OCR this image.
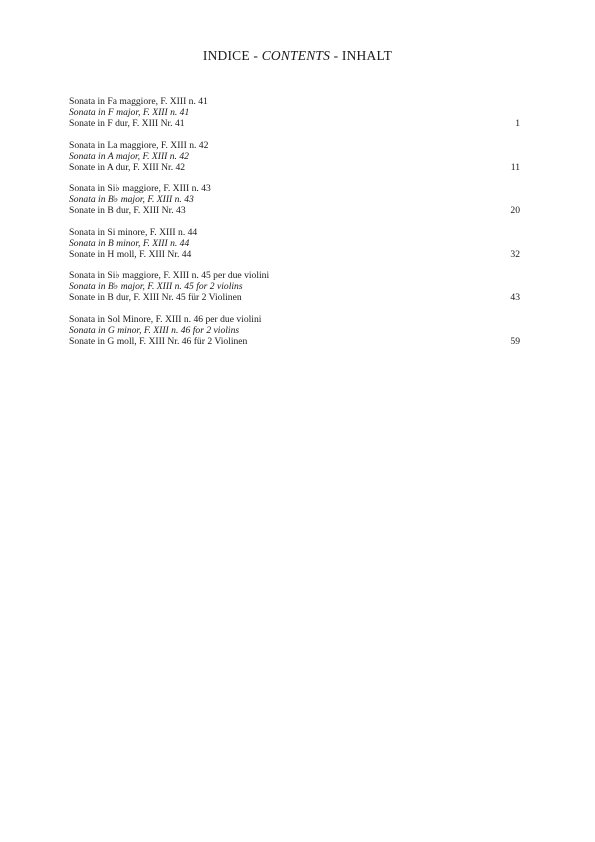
INDICE - CONTENTS - INHALT
Sonata in Fa maggiore, F. XIII n. 41
Sonata in F major, F. XIII n. 41
Sonate in F dur, F. XIII Nr. 41	1
Sonata in La maggiore, F. XIII n. 42
Sonata in A major, F. XIII n. 42
Sonate in A dur, F. XIII Nr. 42	11
Sonata in Si♭ maggiore, F. XIII n. 43
Sonata in B♭ major, F. XIII n. 43
Sonate in B dur, F. XIII Nr. 43	20
Sonata in Si minore, F. XIII n. 44
Sonata in B minor, F. XIII n. 44
Sonate in H moll, F. XIII Nr. 44	32
Sonata in Si♭ maggiore, F. XIII n. 45 per due violini
Sonata in B♭ major, F. XIII n. 45 for 2 violins
Sonate in B dur, F. XIII Nr. 45 für 2 Violinen	43
Sonata in Sol Minore, F. XIII n. 46 per due violini
Sonata in G minor, F. XIII n. 46 for 2 violins
Sonate in G moll, F. XIII Nr. 46 für 2 Violinen	59
